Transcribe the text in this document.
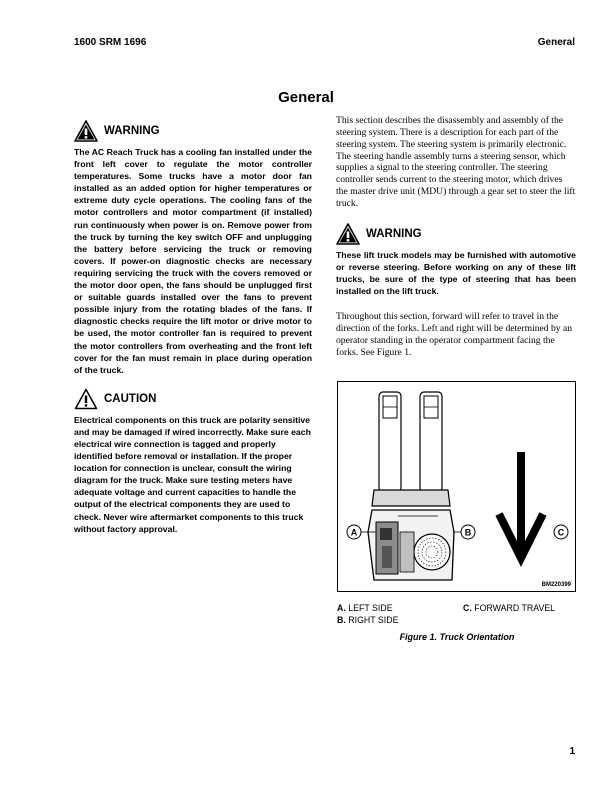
1600 SRM 1696	General
General
WARNING

The AC Reach Truck has a cooling fan installed under the front left cover to regulate the motor controller temperatures. Some trucks have a motor door fan installed as an added option for higher temperatures or extreme duty cycle operations. The cooling fans of the motor controllers and motor compartment (if installed) run continuously when power is on. Remove power from the truck by turning the key switch OFF and unplugging the battery before servicing the truck or removing covers. If power-on diagnostic checks are necessary requiring servicing the truck with the covers removed or the motor door open, the fans should be unplugged first or suitable guards installed over the fans to prevent possible injury from the rotating blades of the fans. If diagnostic checks require the lift motor or drive motor to be used, the motor controller fan is required to prevent the motor controllers from overheating and the front left cover for the fan must remain in place during operation of the truck.

CAUTION

Electrical components on this truck are polarity sensitive and may be damaged if wired incorrectly. Make sure each electrical wire connection is tagged and properly identified before removal or installation. If the proper location for connection is unclear, consult the wiring diagram for the truck. Make sure testing meters have adequate voltage and current capacities to handle the output of the electrical components they are used to check. Never wire aftermarket components to this truck without factory approval.

This section describes the disassembly and assembly of the steering system. There is a description for each part of the steering system. The steering system is primarily electronic. The steering handle assembly turns a steering sensor, which supplies a signal to the steering controller. The steering controller sends current to the steering motor, which drives the master drive unit (MDU) through a gear set to steer the lift truck.

WARNING

These lift truck models may be furnished with automotive or reverse steering. Before working on any of these lift trucks, be sure of the type of steering that has been installed on the lift truck.

Throughout this section, forward will refer to travel in the direction of the forks. Left and right will be determined by an operator standing in the operator compartment facing the forks. See Figure 1.

A	B	C
BM220399
A. LEFT SIDE	C. FORWARD TRAVEL
B. RIGHT SIDE
Figure 1. Truck Orientation
1
